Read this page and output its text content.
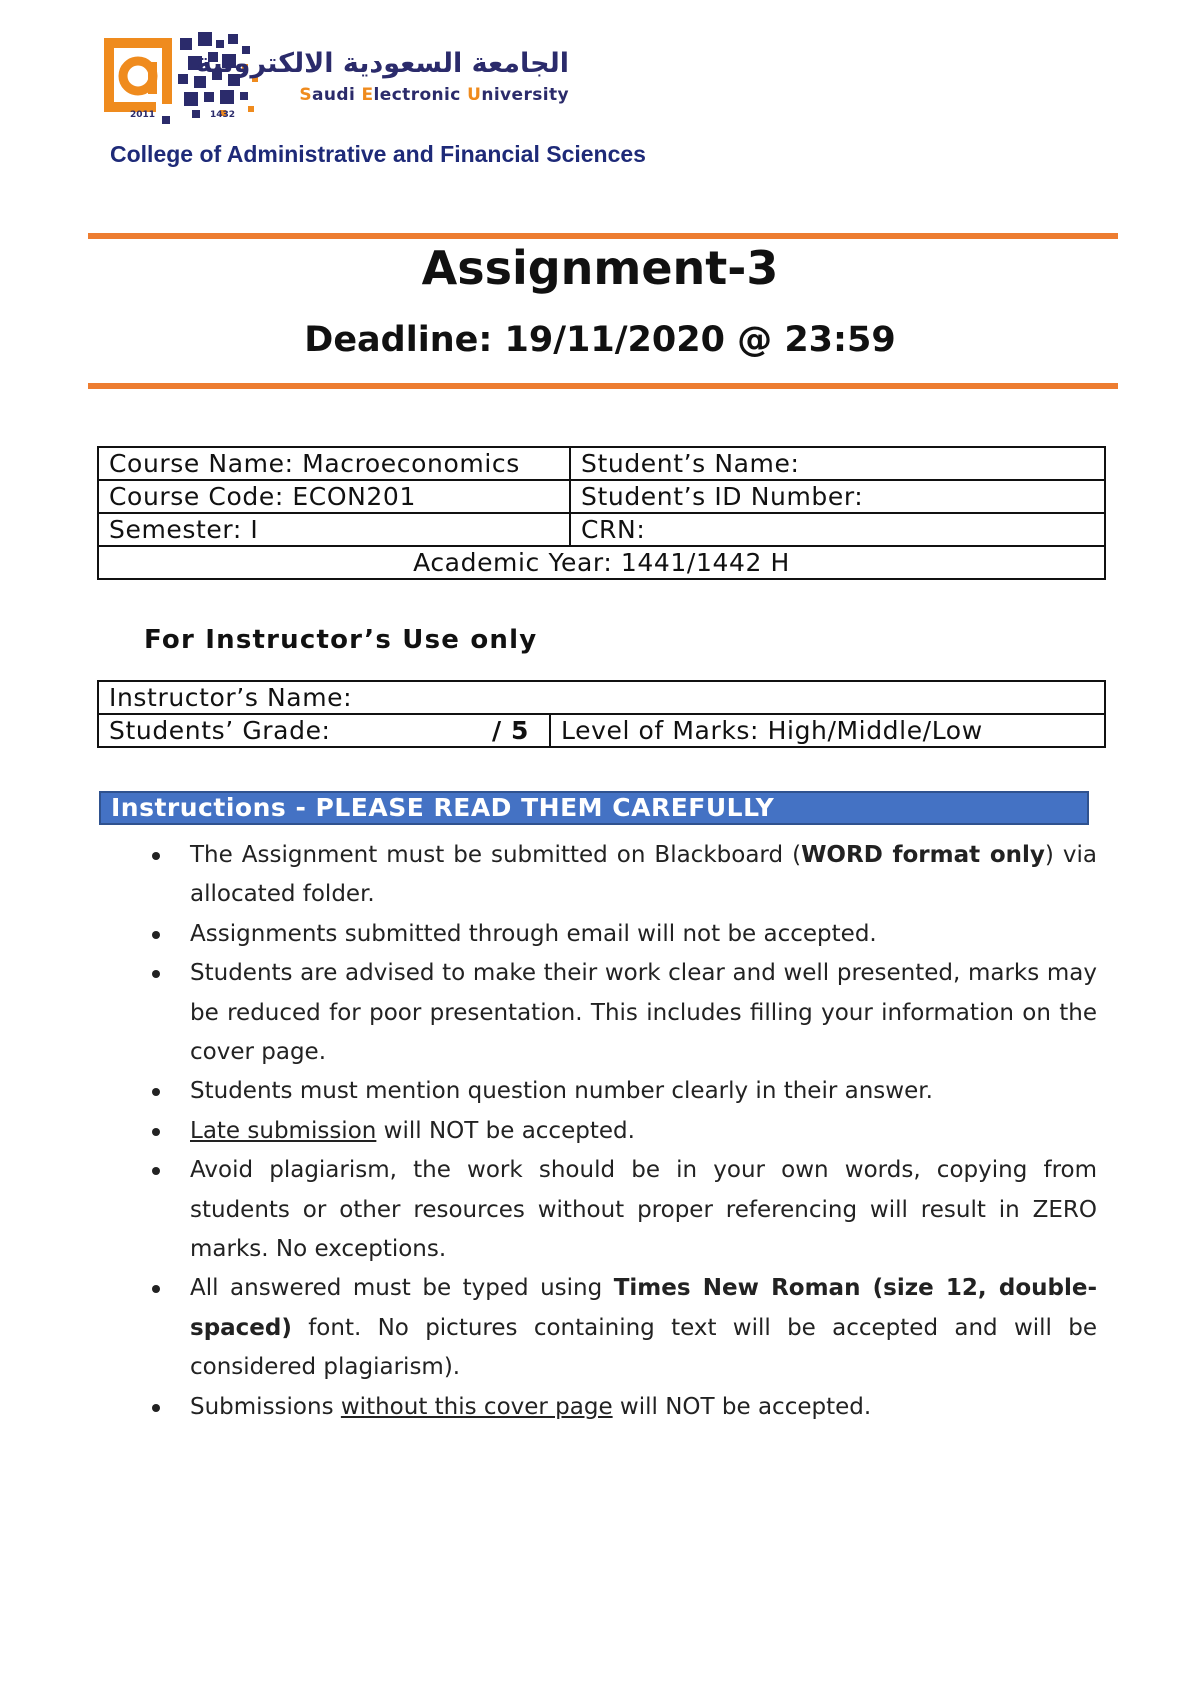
2011	1432
الجامعة السعودية الالكترونية
Saudi Electronic University
College of Administrative and Financial Sciences
Assignment-3
Deadline: 19/11/2020 @ 23:59
Course Name: Macroeconomics	Student’s Name:
Course Code: ECON201	Student’s ID Number:
Semester: I	CRN:
Academic Year: 1441/1442 H	
For Instructor’s Use only
Instructor’s Name:

Students’ Grade:	/ 5	Level of Marks: High/Middle/Low
Instructions - PLEASE READ THEM CAREFULLY
The Assignment must be submitted on Blackboard (WORD format only) via allocated folder.
Assignments submitted through email will not be accepted.
Students are advised to make their work clear and well presented, marks may be reduced for poor presentation. This includes filling your information on the cover page.
Students must mention question number clearly in their answer.
Late submission will NOT be accepted.
Avoid plagiarism, the work should be in your own words, copying from students or other resources without proper referencing will result in ZERO marks. No exceptions.
All answered must be typed using Times New Roman (size 12, double-spaced) font. No pictures containing text will be accepted and will be considered plagiarism).
Submissions without this cover page will NOT be accepted.
